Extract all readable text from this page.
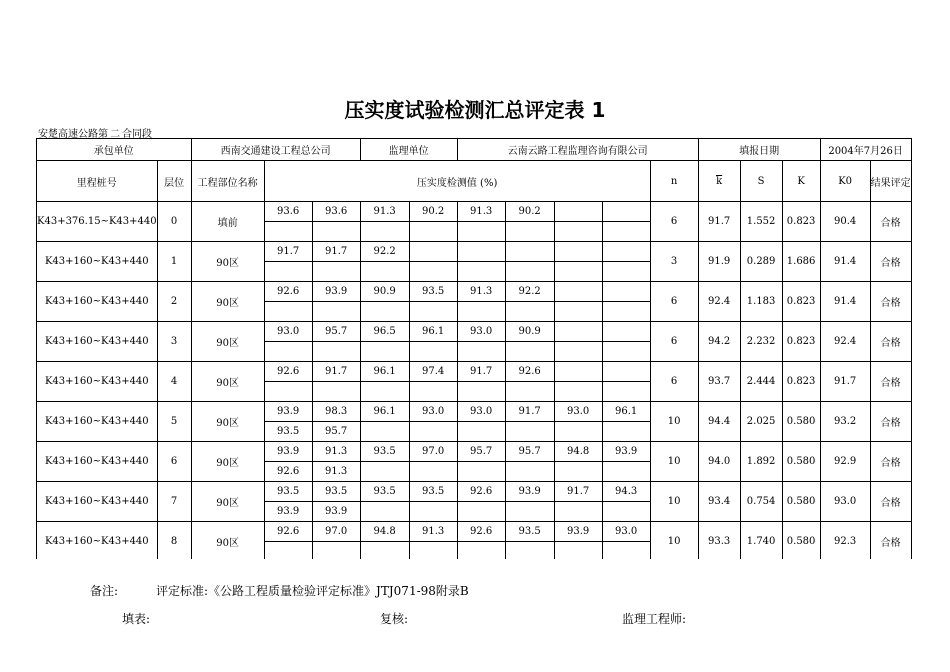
压实度试验检测汇总评定表 1
安楚高速公路第 二 合同段
承包单位		西南交通建设工程总公司			监理单位		云南云路工程监理咨询有限公司					填报日期			2004年7月26日	
里程桩号	层位	工程部位名称	压实度检测值 (%)								n	$\overline{k}$	S	K	K0	结果评定
K43+376.15~K43+440	0	填前	93.6	93.6	91.3	90.2	91.3	90.2			6	91.7	1.552	0.823	90.4	合格

K43+160~K43+440	1	90区	91.7	91.7	92.2						3	91.9	0.289	1.686	91.4	合格

K43+160~K43+440	2	90区	92.6	93.9	90.9	93.5	91.3	92.2			6	92.4	1.183	0.823	91.4	合格

K43+160~K43+440	3	90区	93.0	95.7	96.5	96.1	93.0	90.9			6	94.2	2.232	0.823	92.4	合格

K43+160~K43+440	4	90区	92.6	91.7	96.1	97.4	91.7	92.6			6	93.7	2.444	0.823	91.7	合格

K43+160~K43+440	5	90区	93.9	98.3	96.1	93.0	93.0	91.7	93.0	96.1	10	94.4	2.025	0.580	93.2	合格
			93.5	95.7												
K43+160~K43+440	6	90区	93.9	91.3	93.5	97.0	95.7	95.7	94.8	93.9	10	94.0	1.892	0.580	92.9	合格
			92.6	91.3												
K43+160~K43+440	7	90区	93.5	93.5	93.5	93.5	92.6	93.9	91.7	94.3	10	93.4	0.754	0.580	93.0	合格
			93.9	93.9												
K43+160~K43+440	8	90区	92.6	97.0	94.8	91.3	92.6	93.5	93.9	93.0	10	93.3	1.740	0.580	92.3	合格

备注:	评定标准:《公路工程质量检验评定标准》JTJ071-98附录B
填表:	复核:	监理工程师:
